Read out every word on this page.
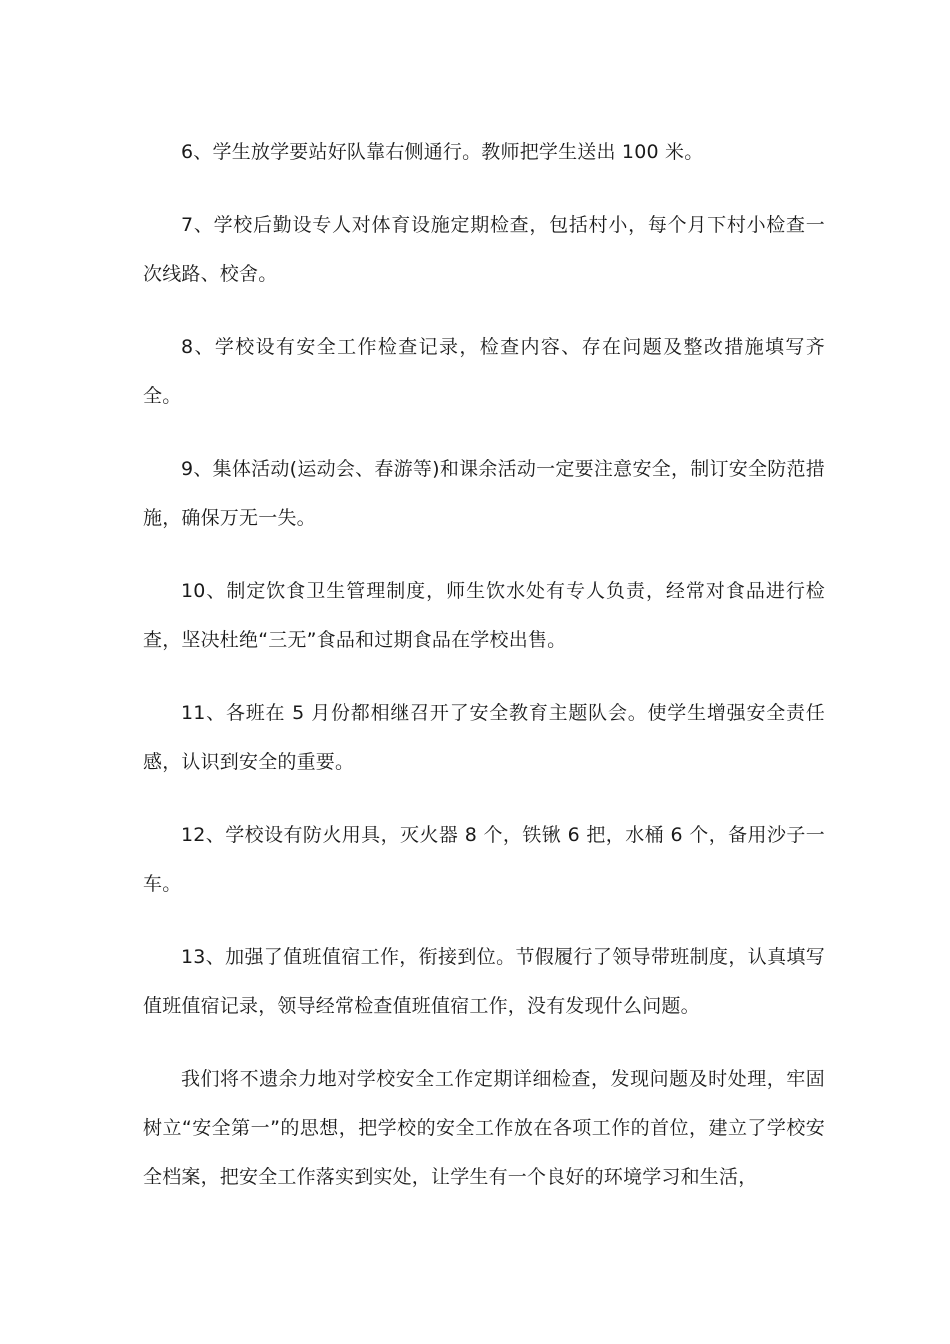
6、学生放学要站好队靠右侧通行。教师把学生送出 100 米。

7、学校后勤设专人对体育设施定期检查，包括村小，每个月下村小检查一次线路、校舍。

8、学校设有安全工作检查记录，检查内容、存在问题及整改措施填写齐全。

9、集体活动(运动会、春游等)和课余活动一定要注意安全，制订安全防范措施，确保万无一失。

10、制定饮食卫生管理制度，师生饮水处有专人负责，经常对食品进行检查，坚决杜绝“三无”食品和过期食品在学校出售。

11、各班在 5 月份都相继召开了安全教育主题队会。使学生增强安全责任感，认识到安全的重要。

12、学校设有防火用具，灭火器 8 个，铁锹 6 把，水桶 6 个，备用沙子一车。

13、加强了值班值宿工作，衔接到位。节假履行了领导带班制度，认真填写值班值宿记录，领导经常检查值班值宿工作，没有发现什么问题。

我们将不遗余力地对学校安全工作定期详细检查，发现问题及时处理，牢固树立“安全第一”的思想，把学校的安全工作放在各项工作的首位，建立了学校安全档案，把安全工作落实到实处，让学生有一个良好的环境学习和生活，
